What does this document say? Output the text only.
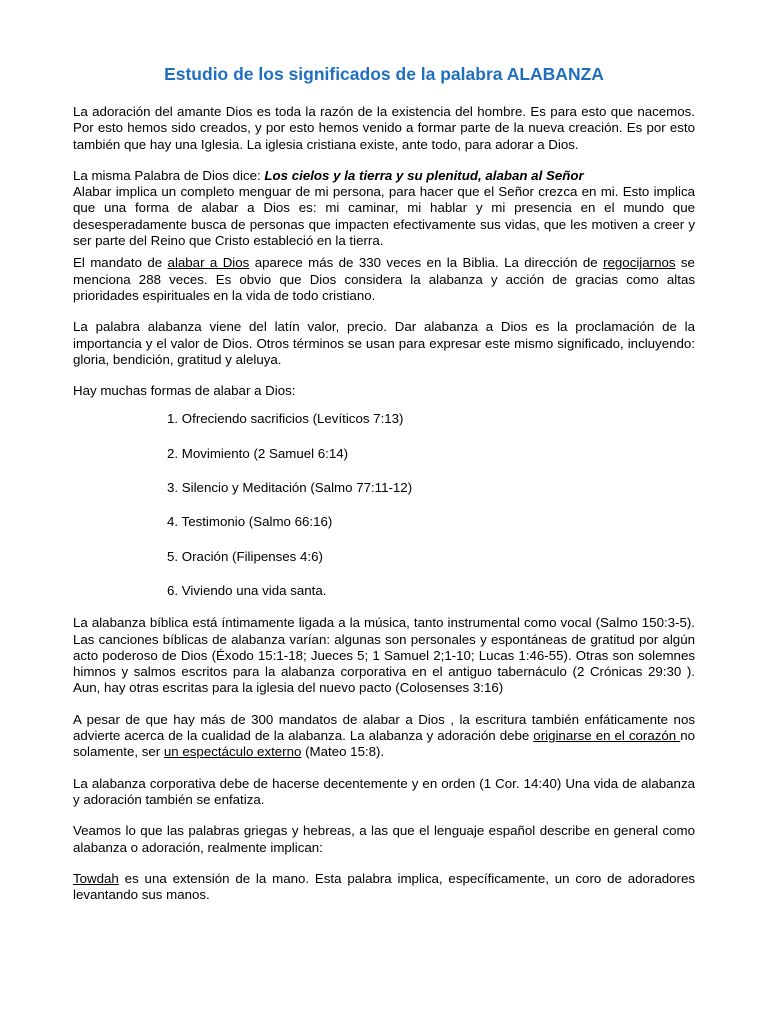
Estudio de los significados de la palabra ALABANZA

La adoración del amante Dios es toda la razón de la existencia del hombre. Es para esto que nacemos. Por esto hemos sido creados, y por esto hemos venido a formar parte de la nueva creación. Es por esto también que hay una Iglesia. La iglesia cristiana existe, ante todo, para adorar a Dios.

La misma Palabra de Dios dice: Los cielos y la tierra y su plenitud, alaban al Señor
Alabar implica un completo menguar de mi persona, para hacer que el Señor crezca en mi. Esto implica que una forma de alabar a Dios es: mi caminar, mi hablar y mi presencia en el mundo que desesperadamente busca de personas que impacten efectivamente sus vidas, que les motiven a creer y ser parte del Reino que Cristo estableció en la tierra.

El mandato de alabar a Dios aparece más de 330 veces en la Biblia. La dirección de regocijarnos se menciona 288 veces. Es obvio que Dios considera la alabanza y acción de gracias como altas prioridades espirituales en la vida de todo cristiano.

La palabra alabanza viene del latín valor, precio. Dar alabanza a Dios es la proclamación de la importancia y el valor de Dios. Otros términos se usan para expresar este mismo significado, incluyendo: gloria, bendición, gratitud y aleluya.

Hay muchas formas de alabar a Dios:

1. Ofreciendo sacrificios (Levíticos 7:13)
2. Movimiento (2 Samuel 6:14)
3. Silencio y Meditación (Salmo 77:11-12)
4. Testimonio (Salmo 66:16)
5. Oración (Filipenses 4:6)
6. Viviendo una vida santa.

La alabanza bíblica está íntimamente ligada a la música, tanto instrumental como vocal (Salmo 150:3-5). Las canciones bíblicas de alabanza varían: algunas son personales y espontáneas de gratitud por algún acto poderoso de Dios (Éxodo 15:1-18; Jueces 5; 1 Samuel 2;1-10; Lucas 1:46-55). Otras son solemnes himnos y salmos escritos para la alabanza corporativa en el antiguo tabernáculo (2 Crónicas 29:30 ). Aun, hay otras escritas para la iglesia del nuevo pacto (Colosenses 3:16)

A pesar de que hay más de 300 mandatos de alabar a Dios , la escritura también enfáticamente nos advierte acerca de la cualidad de la alabanza. La alabanza y adoración debe originarse en el corazón no solamente, ser un espectáculo externo (Mateo 15:8).

La alabanza corporativa debe de hacerse decentemente y en orden (1 Cor. 14:40) Una vida de alabanza y adoración también se enfatiza.

Veamos lo que las palabras griegas y hebreas, a las que el lenguaje español describe en general como alabanza o adoración, realmente implican:

Towdah es una extensión de la mano. Esta palabra implica, específicamente, un coro de adoradores levantando sus manos.
